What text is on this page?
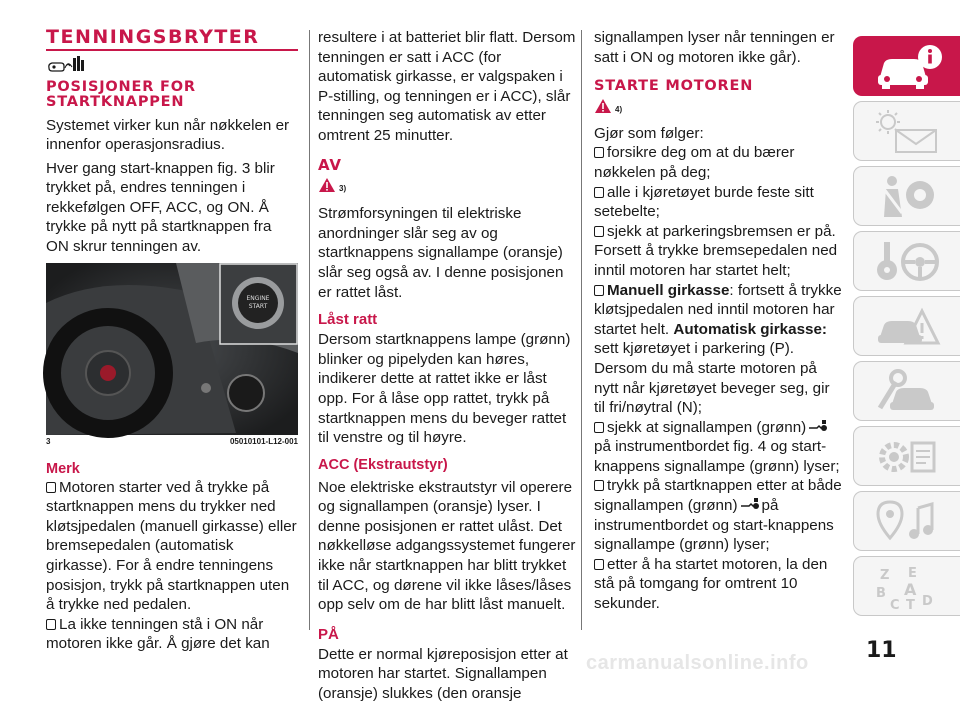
TENNINGSBRYTER
POSISJONER FOR STARTKNAPPEN

Systemet virker kun når nøkkelen er innenfor operasjonsradius.

Hver gang start-knappen fig. 3 blir trykket på, endres tenningen i rekkefølgen OFF, ACC, og ON. Å trykke på nytt på startknappen fra ON skrur tenningen av.

ENGINE
START
3	05010101-L12-001
Merk

Motoren starter ved å trykke på startknappen mens du trykker ned kløtsjpedalen (manuell girkasse) eller bremsepedalen (automatisk girkasse). For å endre tenningens posisjon, trykk på startknappen uten å trykke ned pedalen.

La ikke tenningen stå i ON når motoren ikke går. Å gjøre det kan

resultere i at batteriet blir flatt. Dersom tenningen er satt i ACC (for automatisk girkasse, er valgspaken i P-stilling, og tenningen er i ACC), slår tenningen seg automatisk av etter omtrent 25 minutter.

AV
3)

Strømforsyningen til elektriske anordninger slår seg av og startknappens signallampe (oransje) slår seg også av. I denne posisjonen er rattet låst.

Låst ratt

Dersom startknappens lampe (grønn) blinker og pipelyden kan høres, indikerer dette at rattet ikke er låst opp. For å låse opp rattet, trykk på startknappen mens du beveger rattet til venstre og til høyre.

ACC (Ekstrautstyr)

Noe elektriske ekstrautstyr vil operere og signallampen (oransje) lyser. I denne posisjonen er rattet ulåst. Det nøkkelløse adgangssystemet fungerer ikke når startknappen har blitt trykket til ACC, og dørene vil ikke låses/låses opp selv om de har blitt låst manuelt.

PÅ

Dette er normal kjøreposisjon etter at motoren har startet. Signallampen (oransje) slukkes (den oransje

signallampen lyser når tenningen er satt i ON og motoren ikke går).

STARTE MOTOREN
4)

Gjør som følger:

forsikre deg om at du bærer nøkkelen på deg;

alle i kjøretøyet burde feste sitt setebelte;

sjekk at parkeringsbremsen er på. Forsett å trykke bremsepedalen ned inntil motoren har startet helt;

Manuell girkasse: fortsett å trykke kløtsjpedalen ned inntil motoren har startet helt. Automatisk girkasse: sett kjøretøyet i parkering (P). Dersom du må starte motoren på nytt når kjøretøyet beveger seg, gir til fri/nøytral (N);

sjekk at signallampen (grønn)på instrumentbordet fig. 4 og start-knappens signallampe (grønn) lyser;

trykk på startknappen etter at både signallampen (grønn) på instrumentbordet og start-knappens signallampe (grønn) lyser;

etter å ha startet motoren, la den stå på tomgang for omtrent 10 sekunder.

Z E
B A
C T D
11
carmanualsonline.info
